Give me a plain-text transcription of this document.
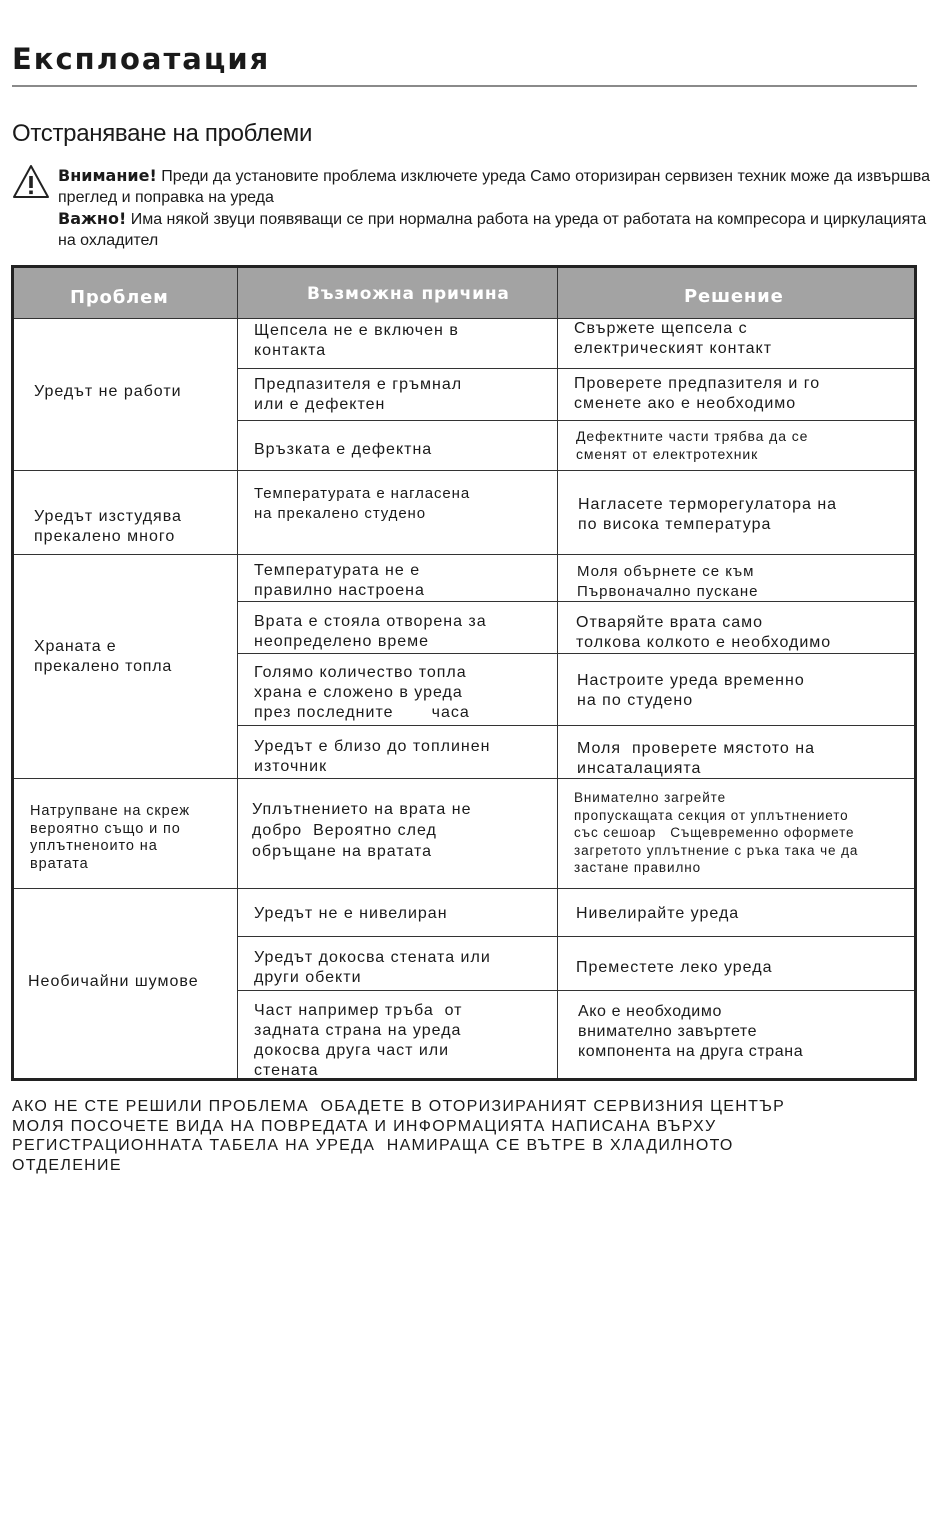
Експлоатация
Отстраняване на проблеми
Внимание! Преди да установите проблема изключете уреда Само оторизиран сервизен техник може да извършва преглед и поправка на уреда
Важно! Има някой звуци появяващи се при нормална работа на уреда от работата на компресора и циркулацията на охладител
Проблем	Възможна причина	Решение
Уредът не работи
Уредът изстудява
прекалено много
Храната е
прекалено топла
Натрупване на скреж
вероятно също и по
уплътненоито на
вратата
Необичайни шумове
Щепсела не е включен в
контакта
Предпазителя е гръмнал
или е дефектен
Връзката е дефектна
Температурата е нагласена
на прекалено студено
Температурата не е
правилно настроена
Врата е стояла отворена за
неопределено време
Голямо количество топла
храна е сложено в уреда
през последните       часа
Уредът е близо до топлинен
източник
Уплътнението на врата не
добро  Вероятно след
обръщане на вратата
Уредът не е нивелиран
Уредът докосва стената или
други обекти
Част например тръба  от
задната страна на уреда
докосва друга част или
стената
Свържете щепсела с
електрическият контакт
Проверете предпазителя и го
сменете ако е необходимо
Дефектните части трябва да се
сменят от електротехник
Нагласете терморегулатора на
по висока температура
Моля обърнете се към
Първоначално пускане
Отваряйте врата само
толкова колкото е необходимо
Настроите уреда временно
на по студено
Моля  проверете мястото на
инсаталацията
Внимателно загрейте
пропускащата секция от уплътнението
със сешоар   Същевременно оформете
загретото уплътнение с ръка така че да
застане правилно
Нивелирайте уреда
Преместете леко уреда
Ако е необходимо
внимателно завъртете
компонента на друга страна
АКО НЕ СТЕ РЕШИЛИ ПРОБЛЕМА  ОБАДЕТЕ В ОТОРИЗИРАНИЯТ СЕРВИЗНИЯ ЦЕНТЪР
МОЛЯ ПОСОЧЕТЕ ВИДА НА ПОВРЕДАТА И ИНФОРМАЦИЯТА НАПИСАНА ВЪРХУ
РЕГИСТРАЦИОННАТА ТАБЕЛА НА УРЕДА  НАМИРАЩА СЕ ВЪТРЕ В ХЛАДИЛНОТО
ОТДЕЛЕНИЕ
